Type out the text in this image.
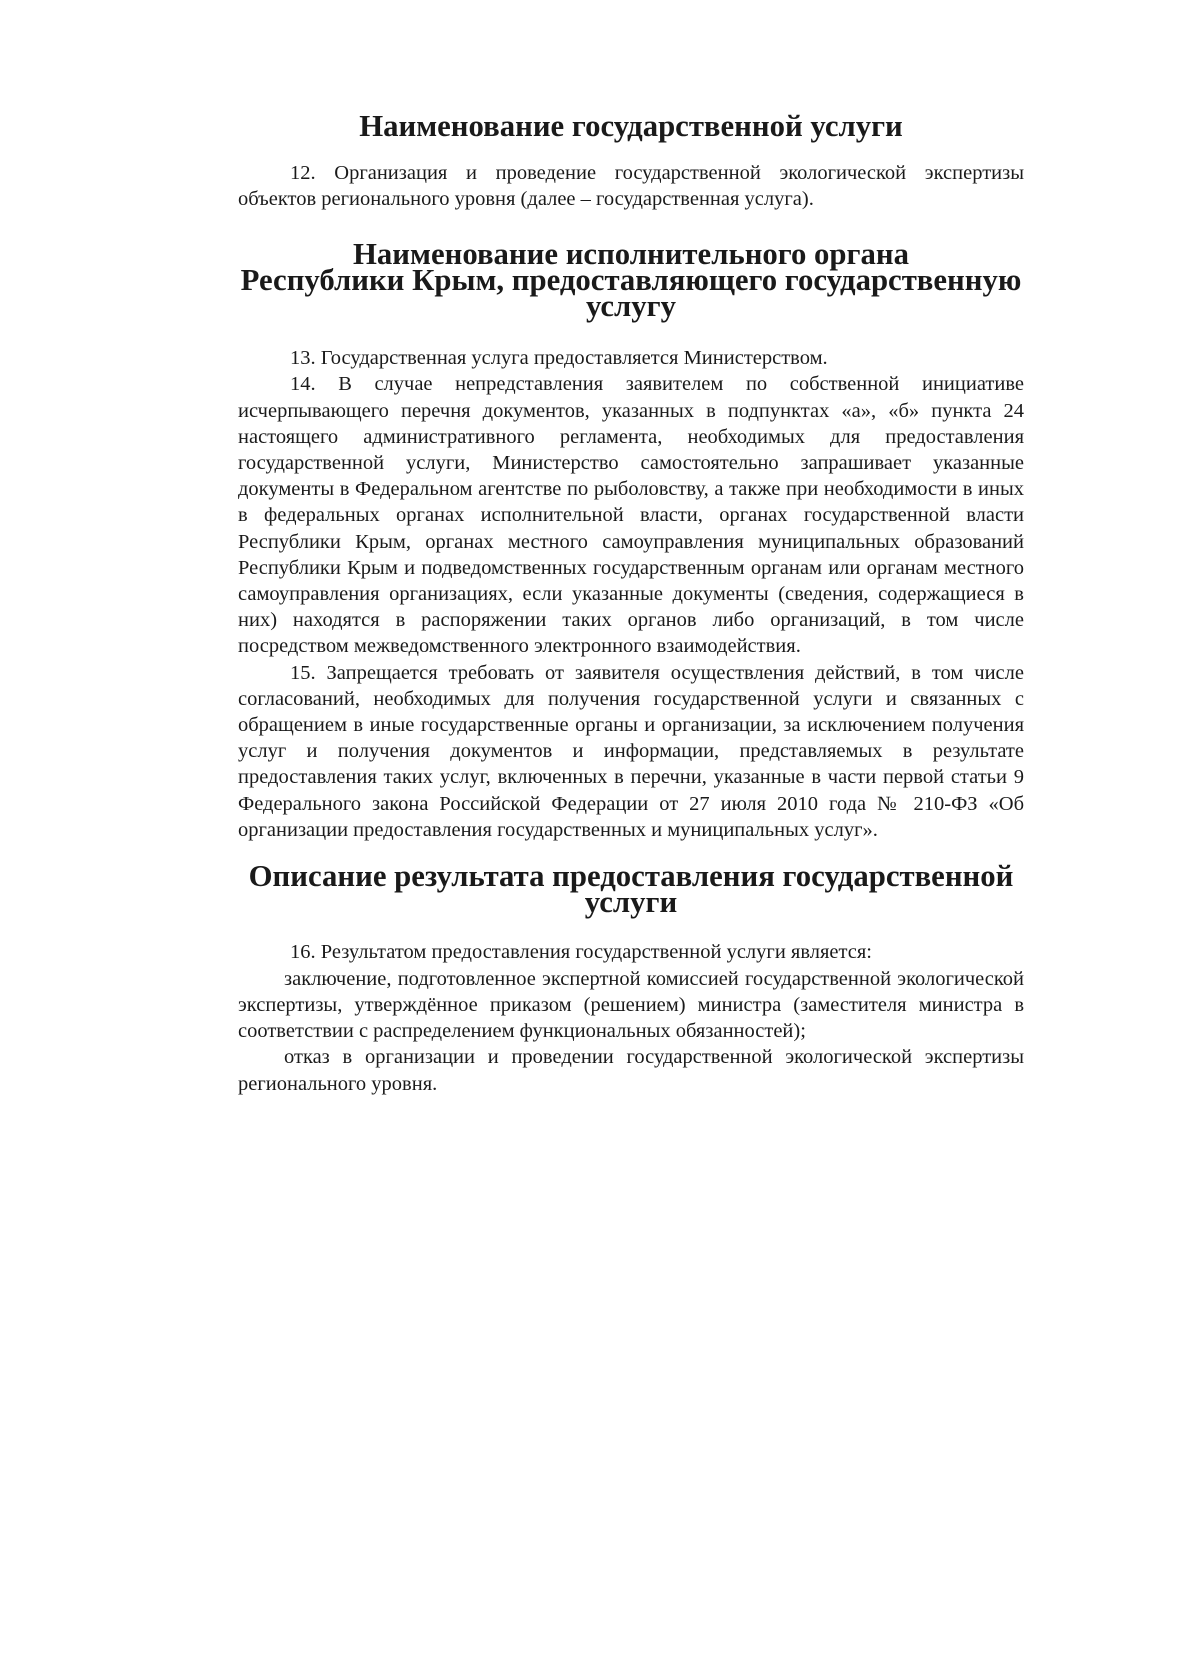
Наименование государственной услуги

12. Организация и проведение государственной экологической экспертизы объектов регионального уровня (далее – государственная услуга).

Наименование исполнительного органа
Республики Крым, предоставляющего государственную услугу

13. Государственная услуга предоставляется Министерством.

14. В случае непредставления заявителем по собственной инициативе исчерпывающего перечня документов, указанных в подпунктах «а», «б» пункта 24 настоящего административного регламента, необходимых для предоставления государственной услуги, Министерство самостоятельно запрашивает указанные документы в Федеральном агентстве по рыболовству, а также при необходимости в иных в федеральных органах исполнительной власти, органах государственной власти Республики Крым, органах местного самоуправления муниципальных образований Республики Крым и подведомственных государственным органам или органам местного самоуправления организациях, если указанные документы (сведения, содержащиеся в них) находятся в распоряжении таких органов либо организаций, в том числе посредством межведомственного электронного взаимодействия.

15. Запрещается требовать от заявителя осуществления действий, в том числе согласований, необходимых для получения государственной услуги и связанных с обращением в иные государственные органы и организации, за исключением получения услуг и получения документов и информации, представляемых в результате предоставления таких услуг, включенных в перечни, указанные в части первой статьи 9 Федерального закона Российской Федерации от 27 июля 2010 года № 210-ФЗ «Об организации предоставления государственных и муниципальных услуг».

Описание результата предоставления государственной услуги

16. Результатом предоставления государственной услуги является:

заключение, подготовленное экспертной комиссией государственной экологической экспертизы, утверждённое приказом (решением) министра (заместителя министра в соответствии с распределением функциональных обязанностей);

отказ в организации и проведении государственной экологической экспертизы регионального уровня.
